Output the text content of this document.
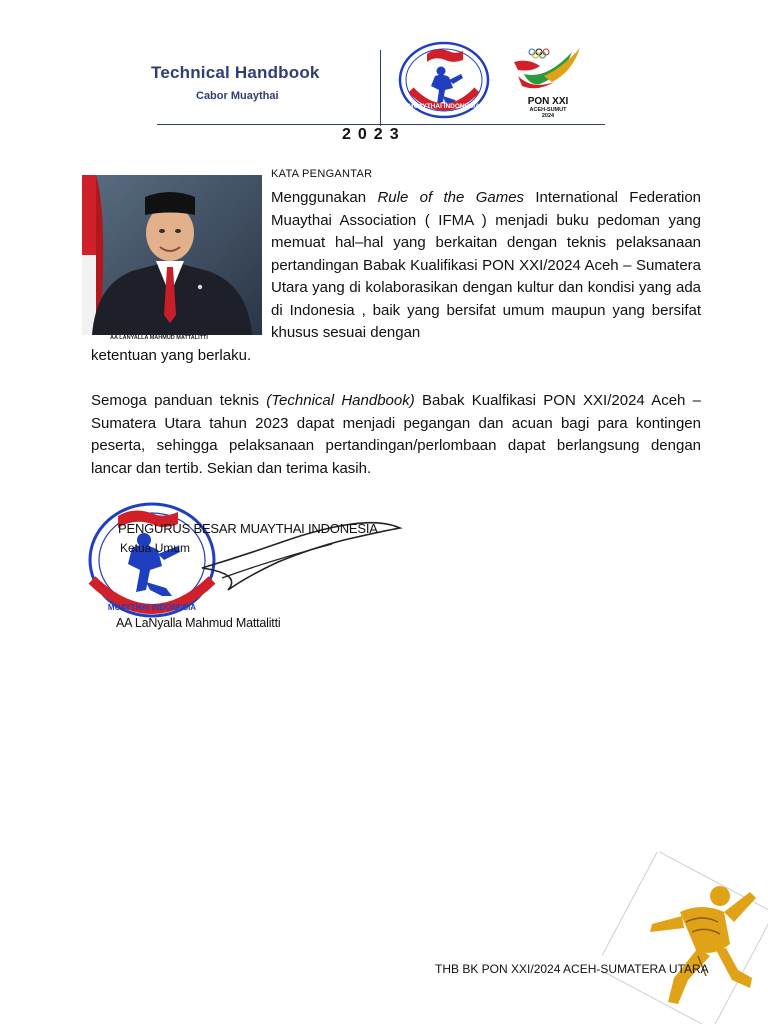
Technical Handbook
Cabor Muaythai
MUAYTHAI INDONESIA	PON XXI
ACEH-SUMUT
2024
2023
AA LANYALLA MAHMUD MATTALITTI
KATA PENGANTAR
Menggunakan Rule of the Games International Federation Muaythai Association ( IFMA ) menjadi buku pedoman yang memuat hal–hal yang berkaitan dengan teknis pelaksanaan pertandingan Babak Kualifikasi PON XXI/2024 Aceh – Sumatera Utara yang di kolaborasikan dengan kultur dan kondisi yang ada di Indonesia , baik yang bersifat umum maupun yang bersifat khusus sesuai dengan
ketentuan yang berlaku.
Semoga panduan teknis (Technical Handbook) Babak Kualfikasi PON XXI/2024 Aceh – Sumatera Utara tahun 2023 dapat menjadi pegangan dan acuan bagi para kontingen peserta, sehingga pelaksanaan pertandingan/perlombaan dapat berlangsung dengan lancar dan tertib. Sekian dan terima kasih.
MUAYTHAI INDONESIA
PENGURUS BESAR MUAYTHAI INDONESIA
Ketua Umum
AA LaNyalla Mahmud Mattalitti
THB BK PON XXI/2024 ACEH-SUMATERA UTARA
